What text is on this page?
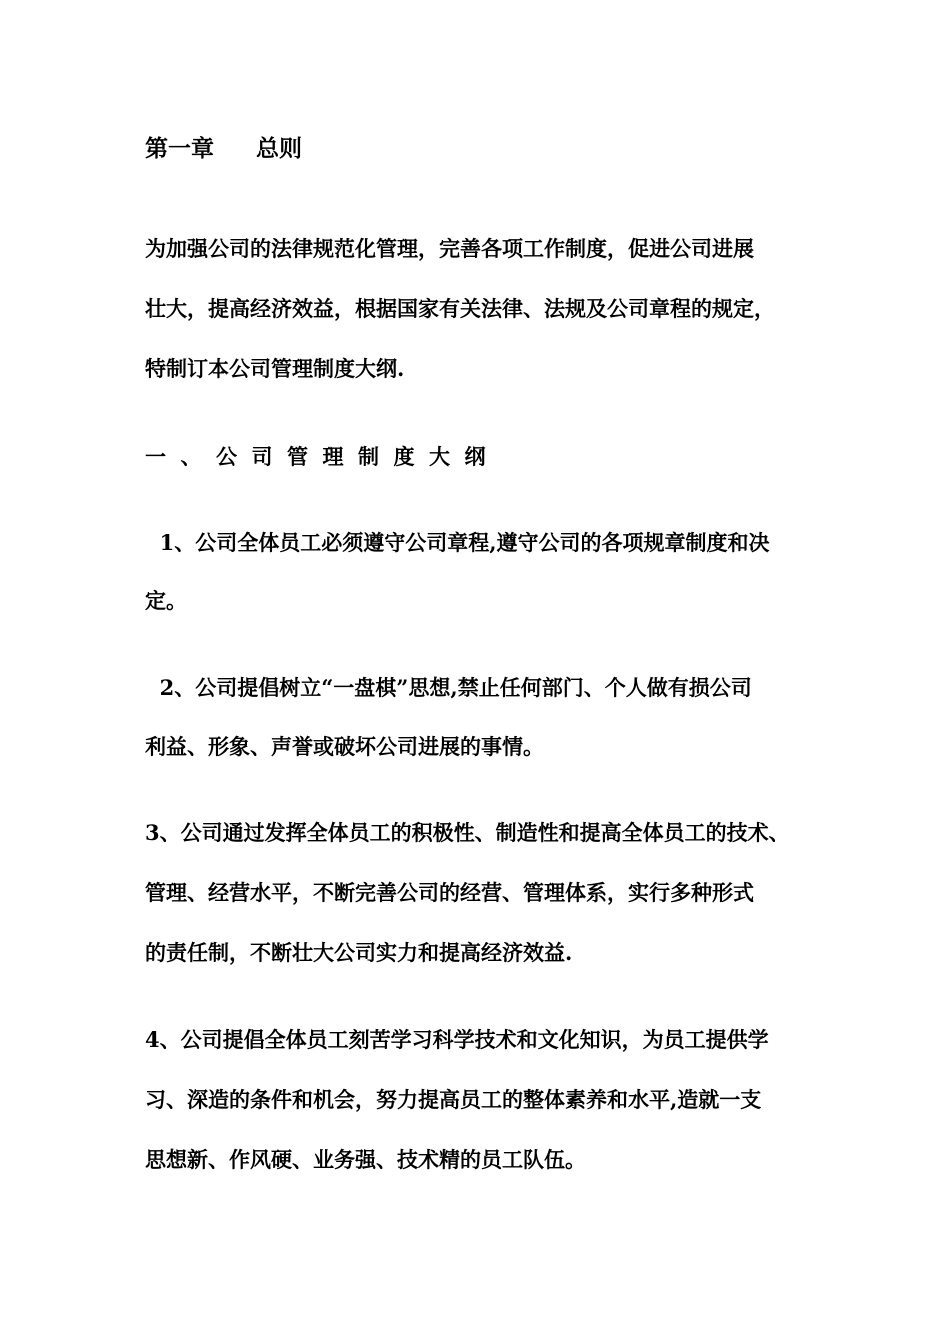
第一章 总则
为加强公司的法律规范化管理，完善各项工作制度，促进公司进展
壮大，提高经济效益，根据国家有关法律、法规及公司章程的规定，
特制订本公司管理制度大纲.
一、公司管理制度大纲
1、公司全体员工必须遵守公司章程,遵守公司的各项规章制度和决
定。
2、公司提倡树立“一盘棋”思想,禁止任何部门、个人做有损公司
利益、形象、声誉或破坏公司进展的事情。
3、公司通过发挥全体员工的积极性、制造性和提高全体员工的技术、
管理、经营水平，不断完善公司的经营、管理体系，实行多种形式
的责任制，不断壮大公司实力和提高经济效益.
4、公司提倡全体员工刻苦学习科学技术和文化知识，为员工提供学
习、深造的条件和机会，努力提高员工的整体素养和水平,造就一支
思想新、作风硬、业务强、技术精的员工队伍。
